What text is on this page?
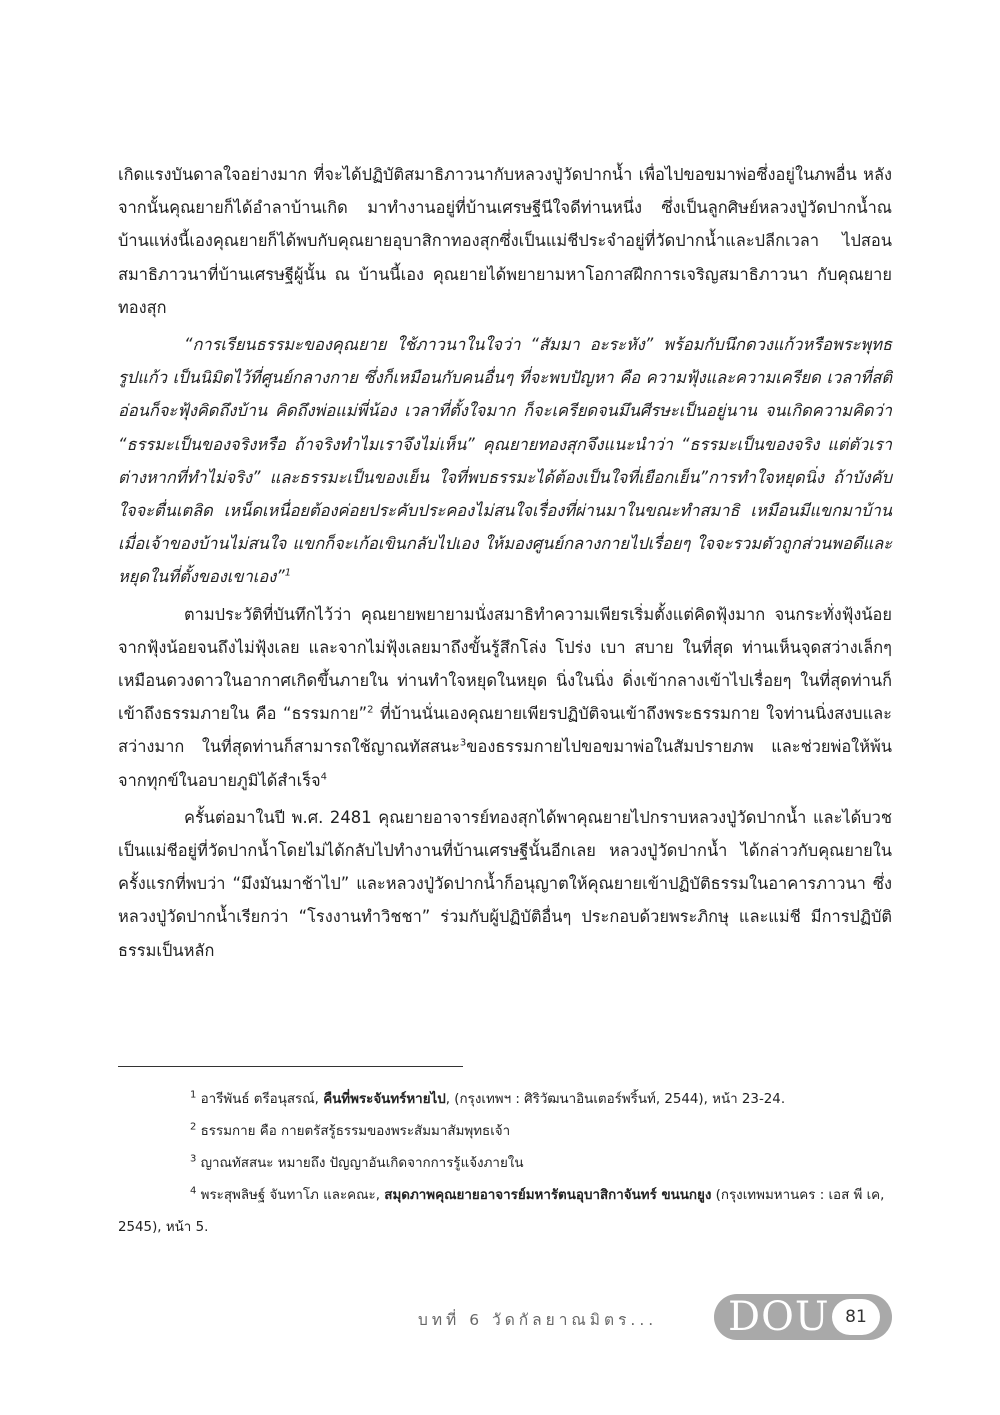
เกิดแรงบันดาลใจอย่างมาก ที่จะได้ปฏิบัติสมาธิภาวนากับหลวงปู่วัดปากน้ำ เพื่อไปขอขมาพ่อซึ่งอยู่ในภพอื่น หลังจากนั้นคุณยายก็ได้อำลาบ้านเกิด มาทำงานอยู่ที่บ้านเศรษฐีนีใจดีท่านหนึ่ง ซึ่งเป็นลูกศิษย์หลวงปู่วัดปากน้ำณบ้านแห่งนี้เองคุณยายก็ได้พบกับคุณยายอุบาสิกาทองสุกซึ่งเป็นแม่ชีประจำอยู่ที่วัดปากน้ำและปลีกเวลา ไปสอนสมาธิภาวนาที่บ้านเศรษฐีผู้นั้น ณ บ้านนี้เอง คุณยายได้พยายามหาโอกาสฝึกการเจริญสมาธิภาวนา กับคุณยายทองสุก

“การเรียนธรรมะของคุณยาย ใช้ภาวนาในใจว่า “สัมมา อะระหัง” พร้อมกับนึกดวงแก้วหรือพระพุทธรูปแก้ว เป็นนิมิตไว้ที่ศูนย์กลางกาย ซึ่งก็เหมือนกับคนอื่นๆ ที่จะพบปัญหา คือ ความฟุ้งและความเครียด เวลาที่สติอ่อนก็จะฟุ้งคิดถึงบ้าน คิดถึงพ่อแม่พี่น้อง เวลาที่ตั้งใจมาก ก็จะเครียดจนมึนศีรษะเป็นอยู่นาน จนเกิดความคิดว่า “ธรรมะเป็นของจริงหรือ ถ้าจริงทำไมเราจึงไม่เห็น” คุณยายทองสุกจึงแนะนำว่า “ธรรมะเป็นของจริง แต่ตัวเราต่างหากที่ทำไม่จริง” และธรรมะเป็นของเย็น ใจที่พบธรรมะได้ต้องเป็นใจที่เยือกเย็น”การทำใจหยุดนิ่ง ถ้าบังคับใจจะตื่นเตลิด เหน็ดเหนื่อยต้องค่อยประคับประคองไม่สนใจเรื่องที่ผ่านมาในขณะทำสมาธิ เหมือนมีแขกมาบ้าน เมื่อเจ้าของบ้านไม่สนใจ แขกก็จะเก้อเขินกลับไปเอง ให้มองศูนย์กลางกายไปเรื่อยๆ ใจจะรวมตัวถูกส่วนพอดีและหยุดในที่ตั้งของเขาเอง”$^1$

ตามประวัติที่บันทึกไว้ว่า คุณยายพยายามนั่งสมาธิทำความเพียรเริ่มตั้งแต่คิดฟุ้งมาก จนกระทั่งฟุ้งน้อย จากฟุ้งน้อยจนถึงไม่ฟุ้งเลย และจากไม่ฟุ้งเลยมาถึงขั้นรู้สึกโล่ง โปร่ง เบา สบาย ในที่สุด ท่านเห็นจุดสว่างเล็กๆ เหมือนดวงดาวในอากาศเกิดขึ้นภายใน ท่านทำใจหยุดในหยุด นิ่งในนิ่ง ดิ่งเข้ากลางเข้าไปเรื่อยๆ ในที่สุดท่านก็เข้าถึงธรรมภายใน คือ “ธรรมกาย”$^2$ ที่บ้านนั่นเองคุณยายเพียรปฏิบัติจนเข้าถึงพระธรรมกาย ใจท่านนิ่งสงบและสว่างมาก ในที่สุดท่านก็สามารถใช้ญาณทัสสนะ$^3$ของธรรมกายไปขอขมาพ่อในสัมปรายภพ และช่วยพ่อให้พ้นจากทุกข์ในอบายภูมิได้สำเร็จ$^4$

ครั้นต่อมาในปี พ.ศ. 2481 คุณยายอาจารย์ทองสุกได้พาคุณยายไปกราบหลวงปู่วัดปากน้ำ และได้บวชเป็นแม่ชีอยู่ที่วัดปากน้ำโดยไม่ได้กลับไปทำงานที่บ้านเศรษฐีนั้นอีกเลย หลวงปู่วัดปากน้ำ ได้กล่าวกับคุณยายในครั้งแรกที่พบว่า “มึงมันมาช้าไป” และหลวงปู่วัดปากน้ำก็อนุญาตให้คุณยายเข้าปฏิบัติธรรมในอาคารภาวนา ซึ่งหลวงปู่วัดปากน้ำเรียกว่า “โรงงานทำวิชชา” ร่วมกับผู้ปฏิบัติอื่นๆ ประกอบด้วยพระภิกษุ และแม่ชี มีการปฏิบัติธรรมเป็นหลัก

$^1$ อารีพันธ์ ตรีอนุสรณ์, คืนที่พระจันทร์หายไป, (กรุงเทพฯ : ศิริวัฒนาอินเตอร์พริ้นท์, 2544), หน้า 23-24.

$^2$ ธรรมกาย คือ กายตรัสรู้ธรรมของพระสัมมาสัมพุทธเจ้า

$^3$ ญาณทัสสนะ หมายถึง ปัญญาอันเกิดจากการรู้แจ้งภายใน

$^4$ พระสุพลิษฐ์ จันทาโภ และคณะ, สมุดภาพคุณยายอาจารย์มหารัตนอุบาสิกาจันทร์ ขนนกยูง (กรุงเทพมหานคร : เอส พี เค, 2545), หน้า 5.

บทที่ 6 วัดกัลยาณมิตร... DOU 81
